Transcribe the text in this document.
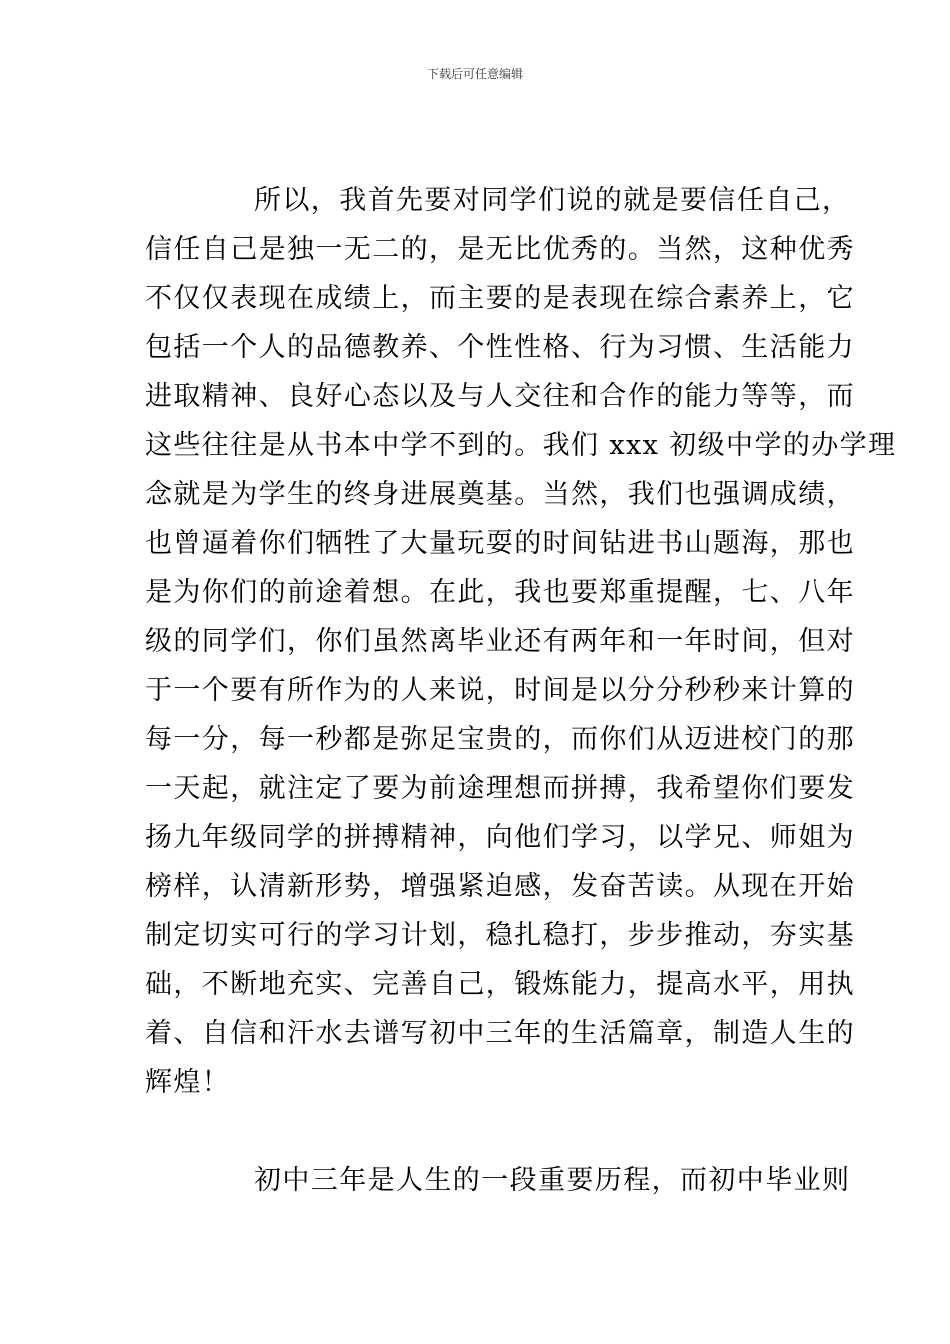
下载后可任意编辑
所以，我首先要对同学们说的就是要信任自己，
信任自己是独一无二的，是无比优秀的。当然，这种优秀
不仅仅表现在成绩上，而主要的是表现在综合素养上，它
包括一个人的品德教养、个性性格、行为习惯、生活能力
进取精神、良好心态以及与人交往和合作的能力等等，而
这些往往是从书本中学不到的。我们 xxx 初级中学的办学理
念就是为学生的终身进展奠基。当然，我们也强调成绩，
也曾逼着你们牺牲了大量玩耍的时间钻进书山题海，那也
是为你们的前途着想。在此，我也要郑重提醒，七、八年
级的同学们，你们虽然离毕业还有两年和一年时间，但对
于一个要有所作为的人来说，时间是以分分秒秒来计算的
每一分，每一秒都是弥足宝贵的，而你们从迈进校门的那
一天起，就注定了要为前途理想而拼搏，我希望你们要发
扬九年级同学的拼搏精神，向他们学习，以学兄、师姐为
榜样，认清新形势，增强紧迫感，发奋苦读。从现在开始
制定切实可行的学习计划，稳扎稳打，步步推动，夯实基
础，不断地充实、完善自己，锻炼能力，提高水平，用执
着、自信和汗水去谱写初中三年的生活篇章，制造人生的
辉煌！
初中三年是人生的一段重要历程，而初中毕业则
